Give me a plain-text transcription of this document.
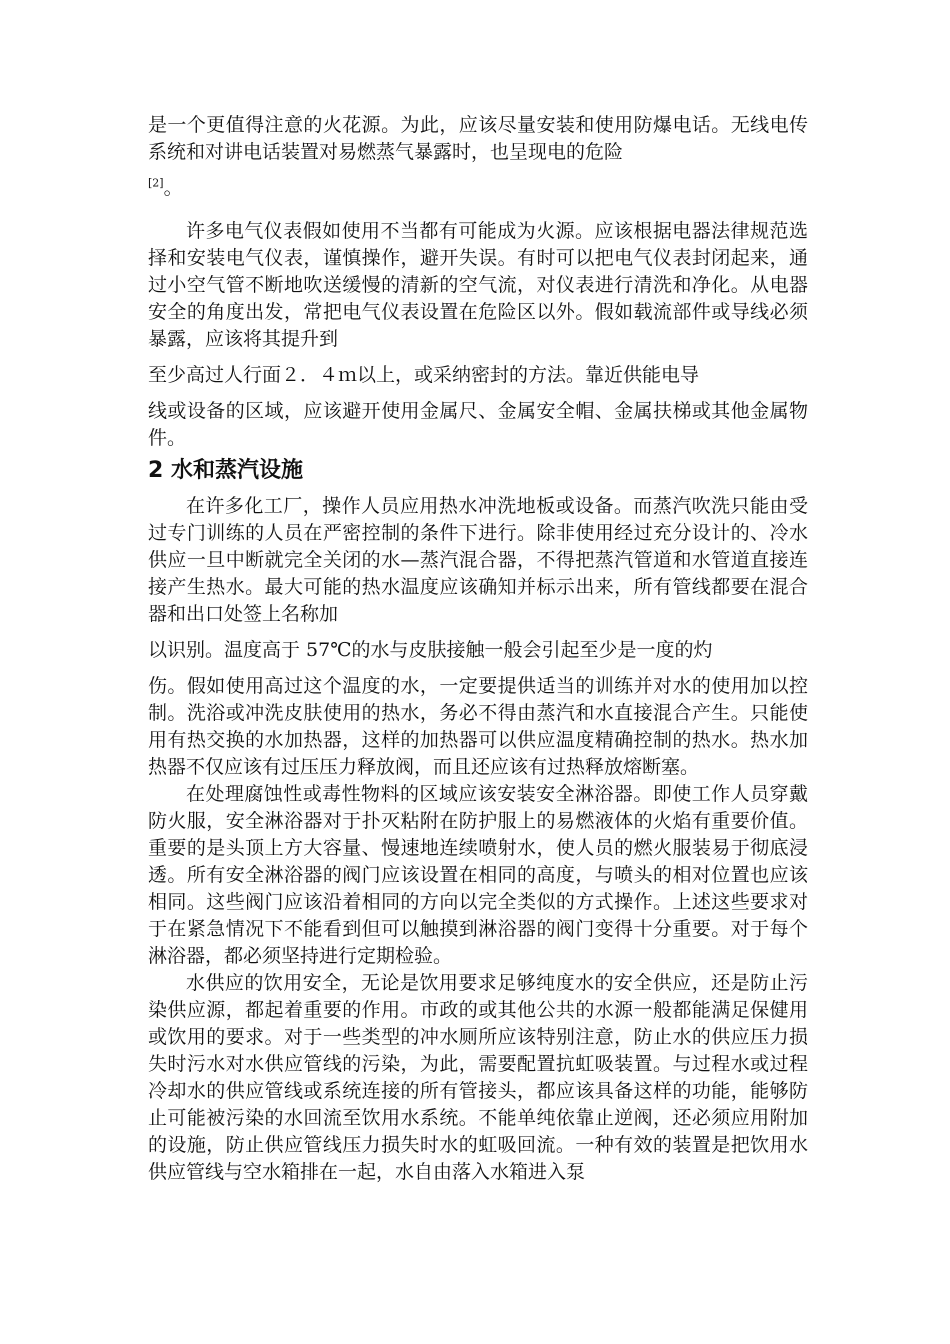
是一个更值得注意的火花源。为此，应该尽量安装和使用防爆电话。无线电传系统和对讲电话装置对易燃蒸气暴露时，也呈现电的危险
[2]。

许多电气仪表假如使用不当都有可能成为火源。应该根据电器法律规范选择和安装电气仪表，谨慎操作，避开失误。有时可以把电气仪表封闭起来，通过小空气管不断地吹送缓慢的清新的空气流，对仪表进行清洗和净化。从电器安全的角度出发，常把电气仪表设置在危险区以外。假如载流部件或导线必须暴露，应该将其提升到
至少高过人行面２．４ｍ以上，或采纳密封的方法。靠近供能电导
线或设备的区域，应该避开使用金属尺、金属安全帽、金属扶梯或其他金属物件。

2 水和蒸汽设施

在许多化工厂，操作人员应用热水冲洗地板或设备。而蒸汽吹洗只能由受过专门训练的人员在严密控制的条件下进行。除非使用经过充分设计的、冷水供应一旦中断就完全关闭的水—蒸汽混合器，不得把蒸汽管道和水管道直接连接产生热水。最大可能的热水温度应该确知并标示出来，所有管线都要在混合器和出口处签上名称加
以识别。温度高于 57℃的水与皮肤接触一般会引起至少是一度的灼
伤。假如使用高过这个温度的水，一定要提供适当的训练并对水的使用加以控制。洗浴或冲洗皮肤使用的热水，务必不得由蒸汽和水直接混合产生。只能使用有热交换的水加热器，这样的加热器可以供应温度精确控制的热水。热水加热器不仅应该有过压压力释放阀，而且还应该有过热释放熔断塞。

在处理腐蚀性或毒性物料的区域应该安装安全淋浴器。即使工作人员穿戴防火服，安全淋浴器对于扑灭粘附在防护服上的易燃液体的火焰有重要价值。重要的是头顶上方大容量、慢速地连续喷射水，使人员的燃火服装易于彻底浸透。所有安全淋浴器的阀门应该设置在相同的高度，与喷头的相对位置也应该相同。这些阀门应该沿着相同的方向以完全类似的方式操作。上述这些要求对于在紧急情况下不能看到但可以触摸到淋浴器的阀门变得十分重要。对于每个淋浴器，都必须坚持进行定期检验。

水供应的饮用安全，无论是饮用要求足够纯度水的安全供应，还是防止污染供应源，都起着重要的作用。市政的或其他公共的水源一般都能满足保健用或饮用的要求。对于一些类型的冲水厕所应该特别注意，防止水的供应压力损失时污水对水供应管线的污染，为此，需要配置抗虹吸装置。与过程水或过程冷却水的供应管线或系统连接的所有管接头，都应该具备这样的功能，能够防止可能被污染的水回流至饮用水系统。不能单纯依靠止逆阀，还必须应用附加的设施，防止供应管线压力损失时水的虹吸回流。一种有效的装置是把饮用水供应管线与空水箱排在一起，水自由落入水箱进入泵
